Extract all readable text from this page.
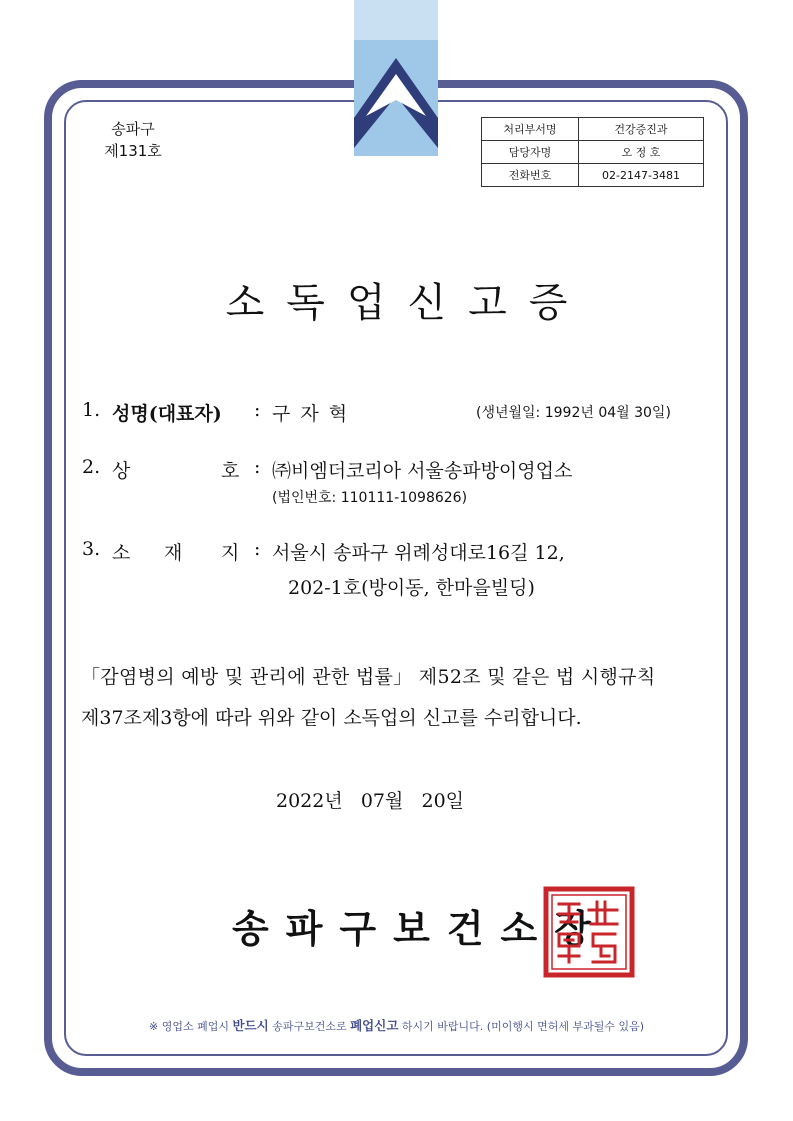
송파구
제131호
처리부서명	건강증진과
담당자명	오 정 호
전화번호	02-2147-3481
소독업신고증
1. 성명(대표자) : 구 자 혁	(생년월일: 1992년 04월 30일)
2. 상	호 : ㈜비엠더코리아 서울송파방이영업소
(법인번호: 110111-1098626)
3. 소 재 지 : 서울시 송파구 위례성대로16길 12,
202-1호(방이동, 한마을빌딩)
「감염병의 예방 및 관리에 관한 법률」 제52조 및 같은 법 시행규칙
제37조제3항에 따라 위와 같이 소독업의 신고를 수리합니다.
2022년 07월 20일
송파구보건소장
※ 영업소 폐업시 반드시 송파구보건소로 폐업신고 하시기 바랍니다. (미이행시 면허세 부과될수 있음)
